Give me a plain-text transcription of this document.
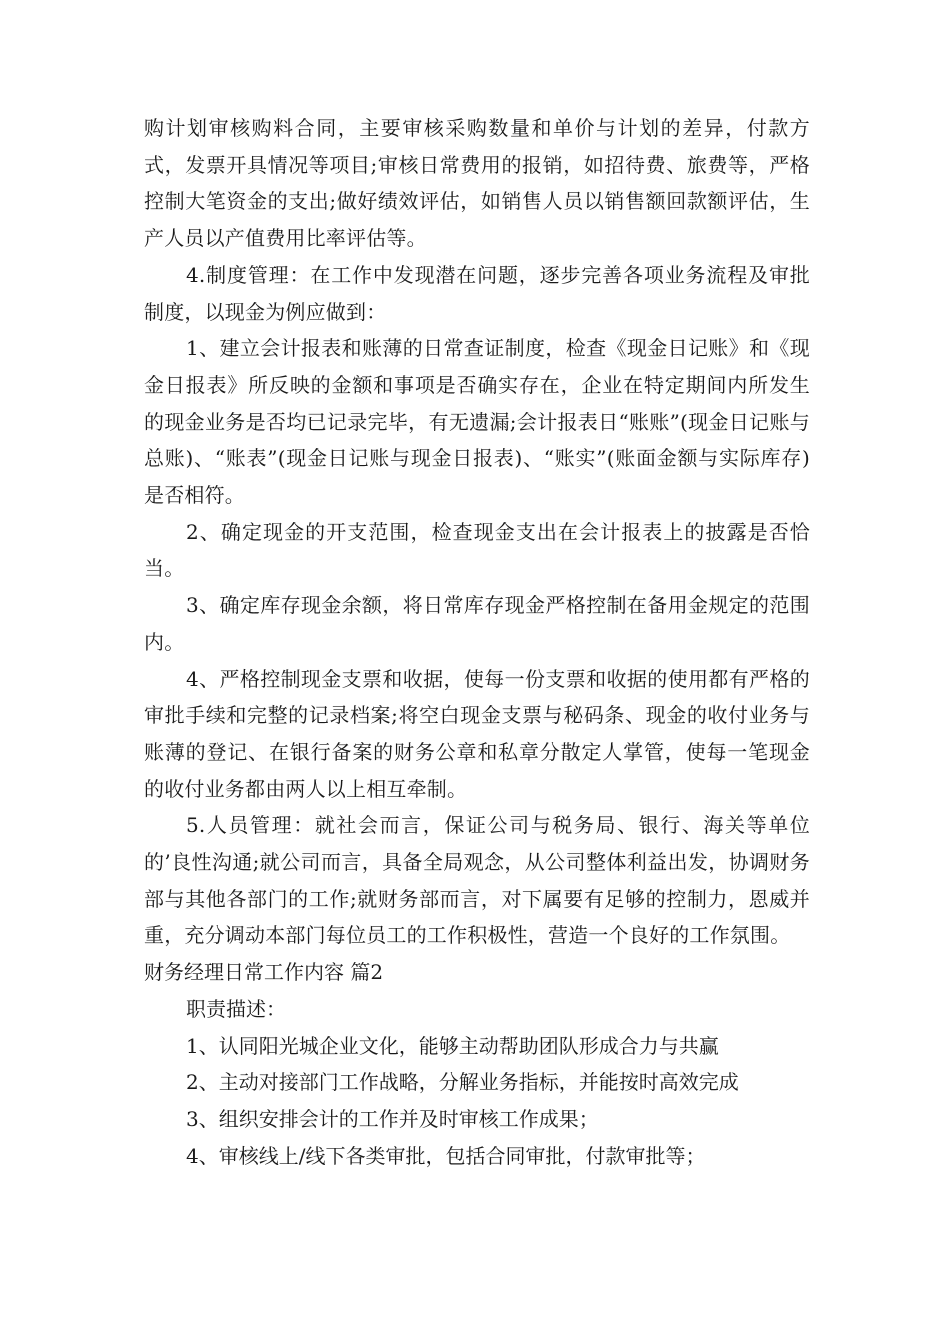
购计划审核购料合同，主要审核采购数量和单价与计划的差异，付款方式，发票开具情况等项目;审核日常费用的报销，如招待费、旅费等，严格控制大笔资金的支出;做好绩效评估，如销售人员以销售额回款额评估，生产人员以产值费用比率评估等。

4.制度管理：在工作中发现潜在问题，逐步完善各项业务流程及审批制度，以现金为例应做到：

1、建立会计报表和账薄的日常查证制度，检查《现金日记账》和《现金日报表》所反映的金额和事项是否确实存在，企业在特定期间内所发生的现金业务是否均已记录完毕，有无遗漏;会计报表日“账账”(现金日记账与总账)、“账表”(现金日记账与现金日报表)、“账实”(账面金额与实际库存)是否相符。

2、确定现金的开支范围，检查现金支出在会计报表上的披露是否恰当。

3、确定库存现金余额，将日常库存现金严格控制在备用金规定的范围内。

4、严格控制现金支票和收据，使每一份支票和收据的使用都有严格的审批手续和完整的记录档案;将空白现金支票与秘码条、现金的收付业务与账薄的登记、在银行备案的财务公章和私章分散定人掌管，使每一笔现金的收付业务都由两人以上相互牵制。

5.人员管理：就社会而言，保证公司与税务局、银行、海关等单位的’良性沟通;就公司而言，具备全局观念，从公司整体利益出发，协调财务部与其他各部门的工作;就财务部而言，对下属要有足够的控制力，恩威并重，充分调动本部门每位员工的工作积极性，营造一个良好的工作氛围。

财务经理日常工作内容 篇2

职责描述：

1、认同阳光城企业文化，能够主动帮助团队形成合力与共赢

2、主动对接部门工作战略，分解业务指标，并能按时高效完成

3、组织安排会计的工作并及时审核工作成果；

4、审核线上/线下各类审批，包括合同审批，付款审批等；
